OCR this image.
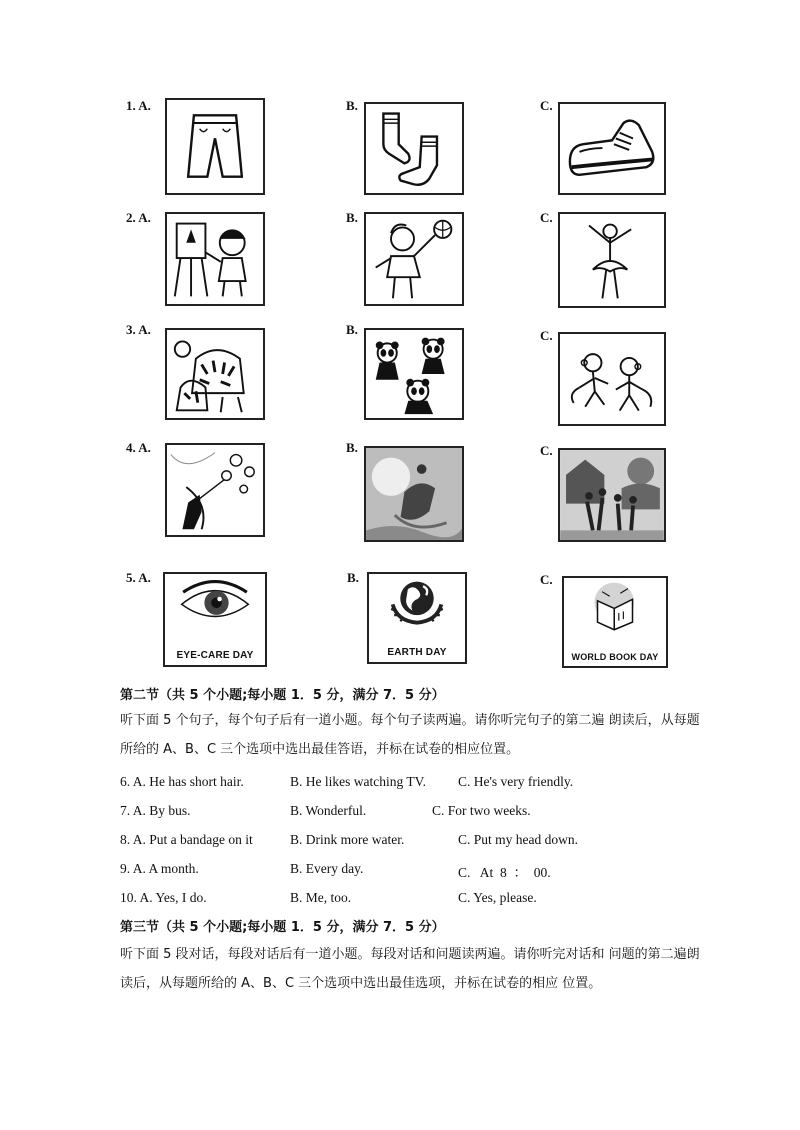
1. A.	B.	C.
2. A.	B.	C.
3. A.	B.	C.
4. A.	B.	C.
5. A.
EYE-CARE DAY
B.
EARTH DAY
C.
WORLD BOOK DAY
第二节（共 5 个小题;每小题 1．5 分，满分 7．5 分）
听下面 5 个句子，每个句子后有一道小题。每个句子读两遍。请你听完句子的第二遍 朗读后，从每题所给的 A、B、C 三个选项中选出最佳答语，并标在试卷的相应位置。
6. A. He has short hair.	B. He likes watching TV. C. He's very friendly.
7. A. By bus.	B. Wonderful.	C. For two weeks.
8. A. Put a bandage on it	B. Drink more water.	C. Put my head down.
9. A. A month.	B. Every day.	C.   At  8  ：  00.
10. A. Yes, I do.	B. Me, too.	C. Yes, please.
第三节（共 5 个小题;每小题 1．5 分，满分 7．5 分）
听下面 5 段对话，每段对话后有一道小题。每段对话和问题读两遍。请你听完对话和 问题的第二遍朗读后，从每题所给的 A、B、C 三个选项中选出最佳选项，并标在试卷的相应 位置。
